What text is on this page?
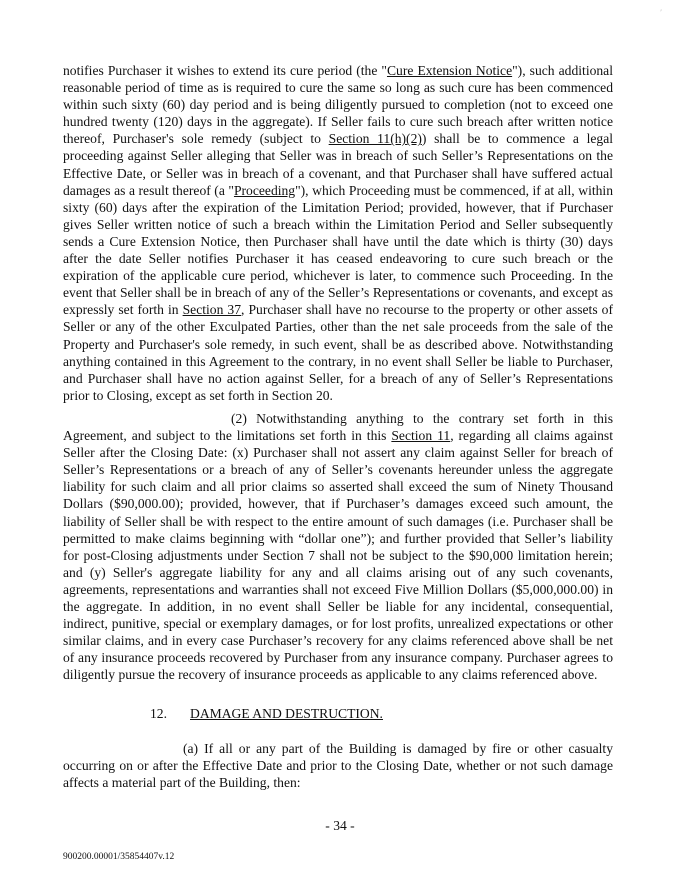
′
notifies Purchaser it wishes to extend its cure period (the "Cure Extension Notice"), such additional reasonable period of time as is required to cure the same so long as such cure has been commenced within such sixty (60) day period and is being diligently pursued to completion (not to exceed one hundred twenty (120) days in the aggregate). If Seller fails to cure such breach after written notice thereof, Purchaser's sole remedy (subject to Section 11(h)(2)) shall be to commence a legal proceeding against Seller alleging that Seller was in breach of such Seller’s Representations on the Effective Date, or Seller was in breach of a covenant, and that Purchaser shall have suffered actual damages as a result thereof (a "Proceeding"), which Proceeding must be commenced, if at all, within sixty (60) days after the expiration of the Limitation Period; provided, however, that if Purchaser gives Seller written notice of such a breach within the Limitation Period and Seller subsequently sends a Cure Extension Notice, then Purchaser shall have until the date which is thirty (30) days after the date Seller notifies Purchaser it has ceased endeavoring to cure such breach or the expiration of the applicable cure period, whichever is later, to commence such Proceeding. In the event that Seller shall be in breach of any of the Seller’s Representations or covenants, and except as expressly set forth in Section 37, Purchaser shall have no recourse to the property or other assets of Seller or any of the other Exculpated Parties, other than the net sale proceeds from the sale of the Property and Purchaser's sole remedy, in such event, shall be as described above. Notwithstanding anything contained in this Agreement to the contrary, in no event shall Seller be liable to Purchaser, and Purchaser shall have no action against Seller, for a breach of any of Seller’s Representations prior to Closing, except as set forth in Section 20.
(2) Notwithstanding anything to the contrary set forth in this Agreement, and subject to the limitations set forth in this Section 11, regarding all claims against Seller after the Closing Date: (x) Purchaser shall not assert any claim against Seller for breach of Seller’s Representations or a breach of any of Seller’s covenants hereunder unless the aggregate liability for such claim and all prior claims so asserted shall exceed the sum of Ninety Thousand Dollars ($90,000.00); provided, however, that if Purchaser’s damages exceed such amount, the liability of Seller shall be with respect to the entire amount of such damages (i.e. Purchaser shall be permitted to make claims beginning with “dollar one”); and further provided that Seller’s liability for post-Closing adjustments under Section 7 shall not be subject to the $90,000 limitation herein; and (y) Seller's aggregate liability for any and all claims arising out of any such covenants, agreements, representations and warranties shall not exceed Five Million Dollars ($5,000,000.00) in the aggregate. In addition, in no event shall Seller be liable for any incidental, consequential, indirect, punitive, special or exemplary damages, or for lost profits, unrealized expectations or other similar claims, and in every case Purchaser’s recovery for any claims referenced above shall be net of any insurance proceeds recovered by Purchaser from any insurance company. Purchaser agrees to diligently pursue the recovery of insurance proceeds as applicable to any claims referenced above.
12. DAMAGE AND DESTRUCTION.
(a) If all or any part of the Building is damaged by fire or other casualty occurring on or after the Effective Date and prior to the Closing Date, whether or not such damage affects a material part of the Building, then:
- 34 -
900200.00001/35854407v.12
